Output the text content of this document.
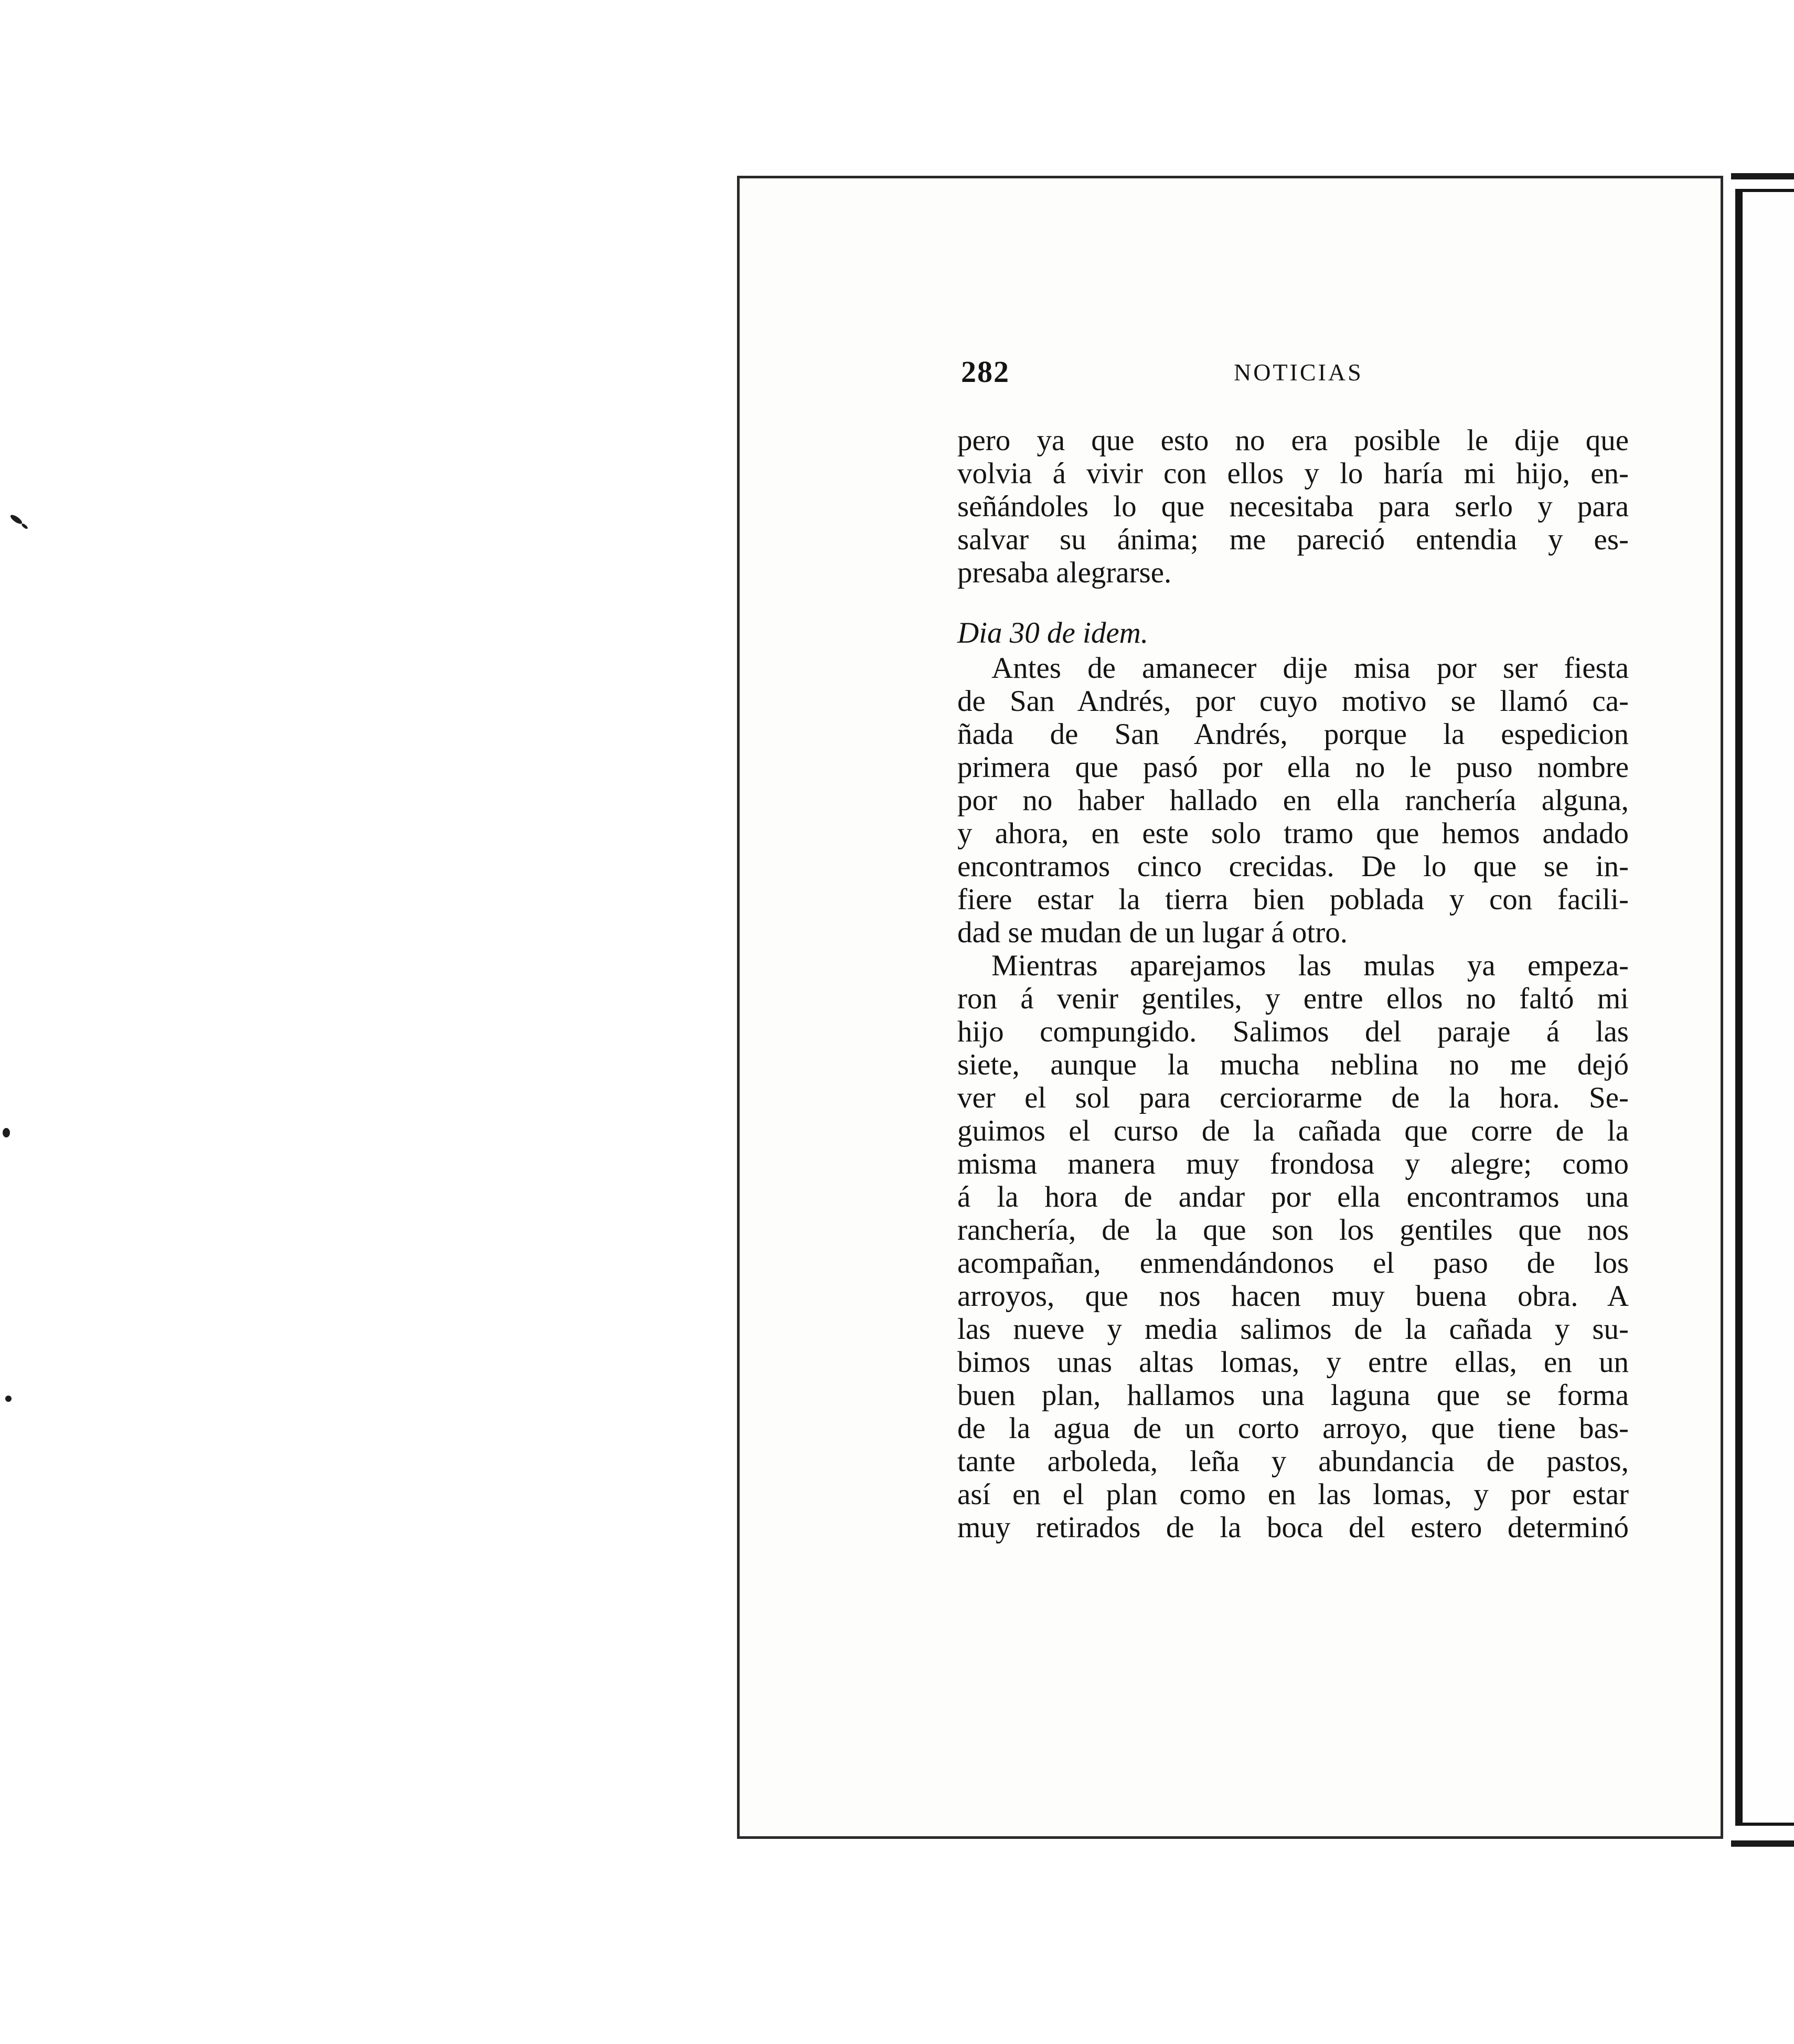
282	NOTICIAS
pero ya que esto no era posible le dije que
volvia á vivir con ellos y lo haría mi hijo, en-
señándoles lo que necesitaba para serlo y para
salvar su ánima; me pareció entendia y es-
presaba alegrarse.
Dia 30 de idem.
Antes de amanecer dije misa por ser fiesta
de San Andrés, por cuyo motivo se llamó ca-
ñada de San Andrés, porque la espedicion
primera que pasó por ella no le puso nombre
por no haber hallado en ella ranchería alguna,
y ahora, en este solo tramo que hemos andado
encontramos cinco crecidas. De lo que se in-
fiere estar la tierra bien poblada y con facili-
dad se mudan de un lugar á otro.
Mientras aparejamos las mulas ya empeza-
ron á venir gentiles, y entre ellos no faltó mi
hijo compungido. Salimos del paraje á las
siete, aunque la mucha neblina no me dejó
ver el sol para cerciorarme de la hora. Se-
guimos el curso de la cañada que corre de la
misma manera muy frondosa y alegre; como
á la hora de andar por ella encontramos una
ranchería, de la que son los gentiles que nos
acompañan, enmendándonos el paso de los
arroyos, que nos hacen muy buena obra. A
las nueve y media salimos de la cañada y su-
bimos unas altas lomas, y entre ellas, en un
buen plan, hallamos una laguna que se forma
de la agua de un corto arroyo, que tiene bas-
tante arboleda, leña y abundancia de pastos,
así en el plan como en las lomas, y por estar
muy retirados de la boca del estero determinó
